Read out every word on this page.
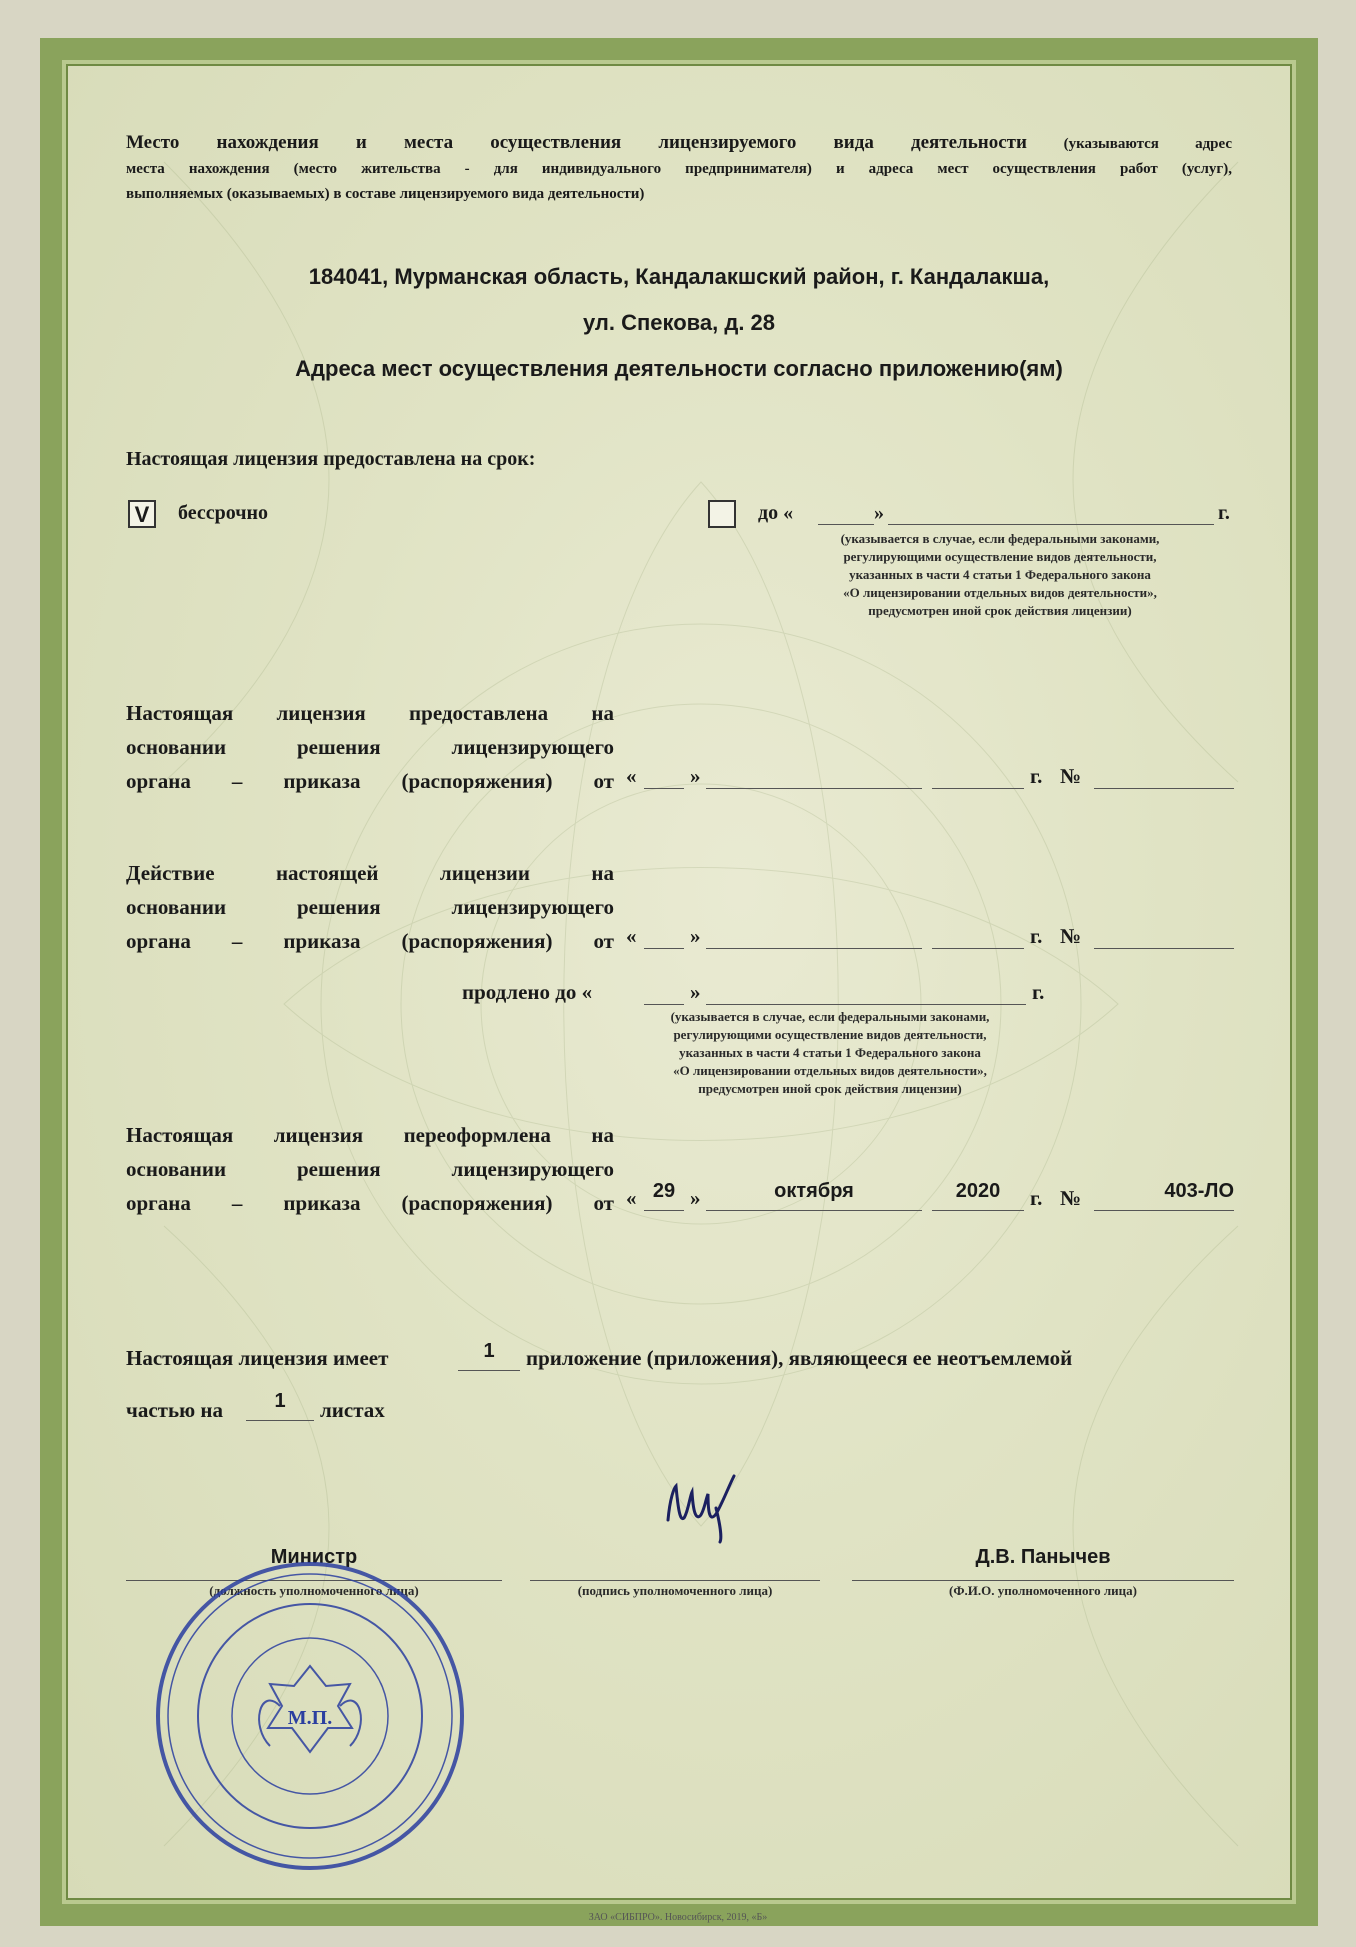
Место нахождения и места осуществления лицензируемого вида деятельности (указываются адрес
места нахождения (место жительства - для индивидуального предпринимателя) и адреса мест осуществления работ (услуг),
выполняемых (оказываемых) в составе лицензируемого вида деятельности)
184041, Мурманская область, Кандалакшский район, г. Кандалакша,
ул. Спекова, д. 28
Адреса мест осуществления деятельности согласно приложению(ям)
Настоящая лицензия предоставлена на срок:
V	бессрочно	до «	»	г.
(указывается в случае, если федеральными законами,
регулирующими осуществление видов деятельности,
указанных в части 4 статьи 1 Федерального закона
«О лицензировании отдельных видов деятельности»,
предусмотрен иной срок действия лицензии)
Настоящая лицензия предоставлена на
основании решения лицензирующего
органа – приказа (распоряжения) от «	»	г. №
Действие настоящей лицензии на
основании решения лицензирующего
органа – приказа (распоряжения) от «	»	г. №
продлено до «	»	г.
(указывается в случае, если федеральными законами,
регулирующими осуществление видов деятельности,
указанных в части 4 статьи 1 Федерального закона
«О лицензировании отдельных видов деятельности»,
предусмотрен иной срок действия лицензии)
Настоящая лицензия переоформлена на
основании решения лицензирующего
органа – приказа (распоряжения) от « 29 »	октября	2020	г. №	403-ЛО
Настоящая лицензия имеет	1	приложение (приложения), являющееся ее неотъемлемой
частью на	1	листах
Министр
(должность уполномоченного лица)	(подпись уполномоченного лица)
Д.В. Панычев
(Ф.И.О. уполномоченного лица)
М.П.
ЗАО «СИБПРО». Новосибирск, 2019, «Б»
